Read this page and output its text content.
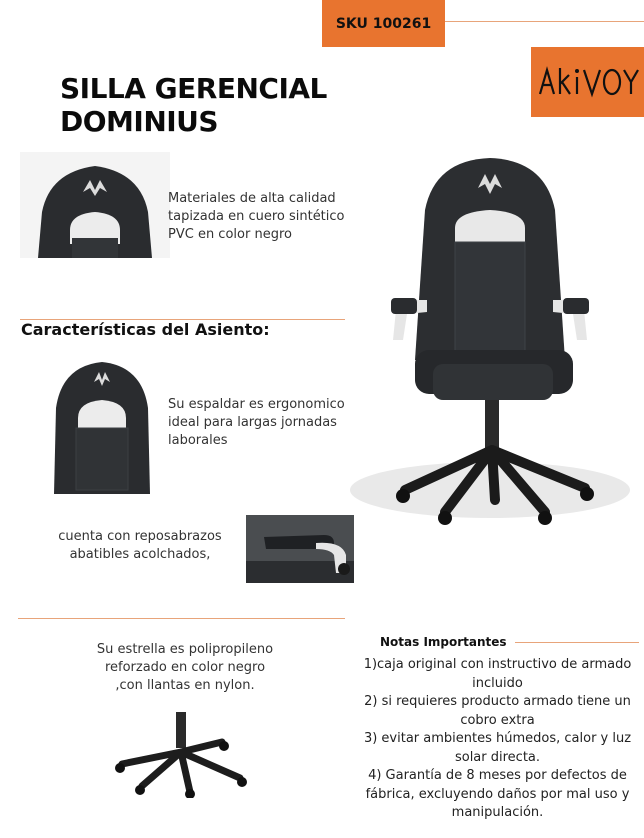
SKU 100261
SILLA GERENCIAL DOMINIUS
Materiales de alta calidad
tapizada en cuero sintético
PVC en color negro
Características del Asiento:
Su espaldar es ergonomico
ideal para largas jornadas
laborales
cuenta con reposabrazos
abatibles acolchados,
Su estrella es polipropileno
reforzado en color negro
,con llantas en nylon.
Notas Importantes
1)caja original con instructivo de armado incluido
2) si requieres producto armado tiene un cobro extra
3) evitar ambientes húmedos, calor y luz solar directa.
4) Garantía de 8 meses por defectos de fábrica, excluyendo daños por mal uso y manipulación.
